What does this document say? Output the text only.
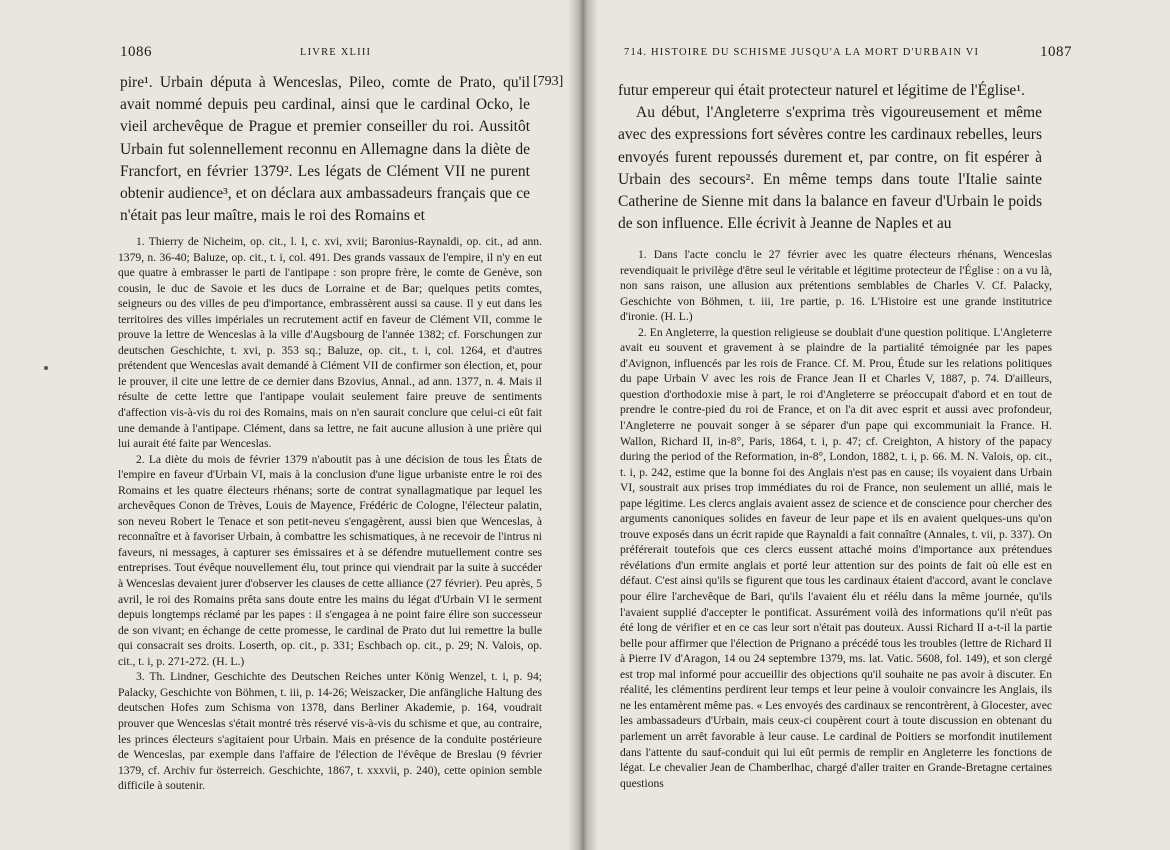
1086	LIVRE XLIII
[793]

pire¹. Urbain députa à Wenceslas, Pileo, comte de Prato, qu'il avait nommé depuis peu cardinal, ainsi que le cardinal Ocko, le vieil archevêque de Prague et premier conseiller du roi. Aussitôt Urbain fut solennellement reconnu en Allemagne dans la diète de Francfort, en février 1379². Les légats de Clément VII ne purent obtenir audience³, et on déclara aux ambassadeurs français que ce n'était pas leur maître, mais le roi des Romains et

1. Thierry de Nicheim, op. cit., l. I, c. xvi, xvii; Baronius-Raynaldi, op. cit., ad ann. 1379, n. 36-40; Baluze, op. cit., t. i, col. 491. Des grands vassaux de l'empire, il n'y en eut que quatre à embrasser le parti de l'antipape : son propre frère, le comte de Genève, son cousin, le duc de Savoie et les ducs de Lorraine et de Bar; quelques petits comtes, seigneurs ou des villes de peu d'importance, embrassèrent aussi sa cause. Il y eut dans les territoires des villes impériales un recrutement actif en faveur de Clément VII, comme le prouve la lettre de Wenceslas à la ville d'Augsbourg de l'année 1382; cf. Forschungen zur deutschen Geschichte, t. xvi, p. 353 sq.; Baluze, op. cit., t. i, col. 1264, et d'autres prétendent que Wenceslas avait demandé à Clément VII de confirmer son élection, et, pour le prouver, il cite une lettre de ce dernier dans Bzovius, Annal., ad ann. 1377, n. 4. Mais il résulte de cette lettre que l'antipape voulait seulement faire preuve de sentiments d'affection vis-à-vis du roi des Romains, mais on n'en saurait conclure que celui-ci eût fait une demande à l'antipape. Clément, dans sa lettre, ne fait aucune allusion à une prière qui lui aurait été faite par Wenceslas.

2. La diète du mois de février 1379 n'aboutit pas à une décision de tous les États de l'empire en faveur d'Urbain VI, mais à la conclusion d'une ligue urbaniste entre le roi des Romains et les quatre électeurs rhénans; sorte de contrat synallagmatique par lequel les archevêques Conon de Trèves, Louis de Mayence, Frédéric de Cologne, l'électeur palatin, son neveu Robert le Tenace et son petit-neveu s'engagèrent, aussi bien que Wenceslas, à reconnaître et à favoriser Urbain, à combattre les schismatiques, à ne recevoir de l'intrus ni faveurs, ni messages, à capturer ses émissaires et à se défendre mutuellement contre ses entreprises. Tout évêque nouvellement élu, tout prince qui viendrait par la suite à succéder à Wenceslas devaient jurer d'observer les clauses de cette alliance (27 février). Peu après, 5 avril, le roi des Romains prêta sans doute entre les mains du légat d'Urbain VI le serment depuis longtemps réclamé par les papes : il s'engagea à ne point faire élire son successeur de son vivant; en échange de cette promesse, le cardinal de Prato dut lui remettre la bulle qui consacrait ses droits. Loserth, op. cit., p. 331; Eschbach op. cit., p. 29; N. Valois, op. cit., t. i, p. 271-272. (H. L.)

3. Th. Lindner, Geschichte des Deutschen Reiches unter König Wenzel, t. i, p. 94; Palacky, Geschichte von Böhmen, t. iii, p. 14-26; Weiszacker, Die anfängliche Haltung des deutschen Hofes zum Schisma von 1378, dans Berliner Akademie, p. 164, voudrait prouver que Wenceslas s'était montré très réservé vis-à-vis du schisme et que, au contraire, les princes électeurs s'agitaient pour Urbain. Mais en présence de la conduite postérieure de Wenceslas, par exemple dans l'affaire de l'élection de l'évêque de Breslau (9 février 1379, cf. Archiv fur österreich. Geschichte, 1867, t. xxxvii, p. 240), cette opinion semble difficile à soutenir.

714. HISTOIRE DU SCHISME JUSQU'A LA MORT D'URBAIN VI	1087

futur empereur qui était protecteur naturel et légitime de l'Église¹.

Au début, l'Angleterre s'exprima très vigoureusement et même avec des expressions fort sévères contre les cardinaux rebelles, leurs envoyés furent repoussés durement et, par contre, on fit espérer à Urbain des secours². En même temps dans toute l'Italie sainte Catherine de Sienne mit dans la balance en faveur d'Urbain le poids de son influence. Elle écrivit à Jeanne de Naples et au

1. Dans l'acte conclu le 27 février avec les quatre électeurs rhénans, Wenceslas revendiquait le privilège d'être seul le véritable et légitime protecteur de l'Église : on a vu là, non sans raison, une allusion aux prétentions semblables de Charles V. Cf. Palacky, Geschichte von Böhmen, t. iii, 1re partie, p. 16. L'Histoire est une grande institutrice d'ironie. (H. L.)

2. En Angleterre, la question religieuse se doublait d'une question politique. L'Angleterre avait eu souvent et gravement à se plaindre de la partialité témoignée par les papes d'Avignon, influencés par les rois de France. Cf. M. Prou, Étude sur les relations politiques du pape Urbain V avec les rois de France Jean II et Charles V, 1887, p. 74. D'ailleurs, question d'orthodoxie mise à part, le roi d'Angleterre se préoccupait d'abord et en tout de prendre le contre-pied du roi de France, et on l'a dit avec esprit et aussi avec profondeur, l'Angleterre ne pouvait songer à se séparer d'un pape qui excommuniait la France. H. Wallon, Richard II, in-8°, Paris, 1864, t. i, p. 47; cf. Creighton, A history of the papacy during the period of the Reformation, in-8°, London, 1882, t. i, p. 66. M. N. Valois, op. cit., t. i, p. 242, estime que la bonne foi des Anglais n'est pas en cause; ils voyaient dans Urbain VI, soustrait aux prises trop immédiates du roi de France, non seulement un allié, mais le pape légitime. Les clercs anglais avaient assez de science et de conscience pour chercher des arguments canoniques solides en faveur de leur pape et ils en avaient quelques-uns qu'on trouve exposés dans un écrit rapide que Raynaldi a fait connaître (Annales, t. vii, p. 337). On préférerait toutefois que ces clercs eussent attaché moins d'importance aux prétendues révélations d'un ermite anglais et porté leur attention sur des points de fait où elle est en défaut. C'est ainsi qu'ils se figurent que tous les cardinaux étaient d'accord, avant le conclave pour élire l'archevêque de Bari, qu'ils l'avaient élu et réélu dans la même journée, qu'ils l'avaient supplié d'accepter le pontificat. Assurément voilà des informations qu'il n'eût pas été long de vérifier et en ce cas leur sort n'était pas douteux. Aussi Richard II a-t-il la partie belle pour affirmer que l'élection de Prignano a précédé tous les troubles (lettre de Richard II à Pierre IV d'Aragon, 14 ou 24 septembre 1379, ms. lat. Vatic. 5608, fol. 149), et son clergé est trop mal informé pour accueillir des objections qu'il souhaite ne pas avoir à discuter. En réalité, les clémentins perdirent leur temps et leur peine à vouloir convaincre les Anglais, ils ne les entamèrent même pas. « Les envoyés des cardinaux se rencontrèrent, à Glocester, avec les ambassadeurs d'Urbain, mais ceux-ci coupèrent court à toute discussion en obtenant du parlement un arrêt favorable à leur cause. Le cardinal de Poitiers se morfondit inutilement dans l'attente du sauf-conduit qui lui eût permis de remplir en Angleterre les fonctions de légat. Le chevalier Jean de Chamberlhac, chargé d'aller traiter en Grande-Bretagne certaines questions
